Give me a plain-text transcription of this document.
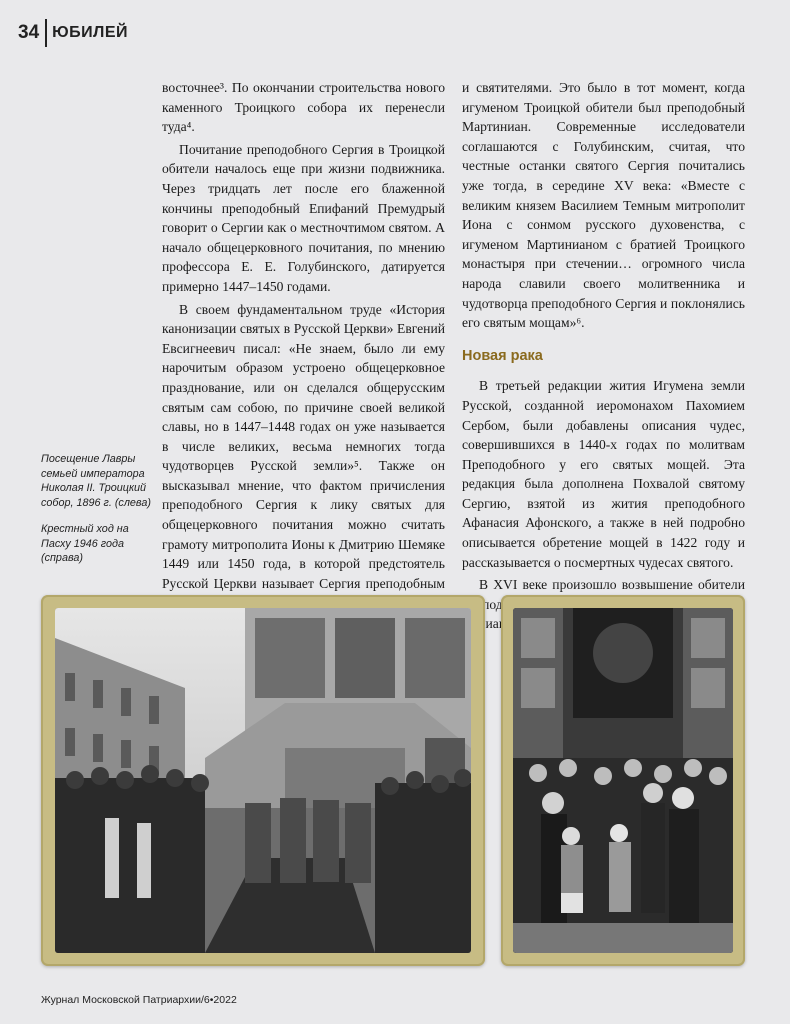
34 ЮБИЛЕЙ

восточнее³. По окончании строительства нового каменного Троицкого собора их перенесли туда⁴.

Почитание преподобного Сергия в Троицкой обители началось еще при жизни подвижника. Через тридцать лет после его блаженной кончины преподобный Епифаний Премудрый говорит о Сергии как о местночтимом святом. А начало общецерковного почитания, по мнению профессора Е. Е. Голубинского, датируется примерно 1447–1450 годами.

В своем фундаментальном труде «История канонизации святых в Русской Церкви» Евгений Евсигнеевич писал: «Не знаем, было ли ему нарочитым образом устроено общецерковное празднование, или он сделался общерусским святым сам собою, по причине своей великой славы, но в 1447–1448 годах он уже называется в числе великих, весьма немногих тогда чудотворцев Русской земли»⁵. Также он высказывал мнение, что фактом причисления преподобного Сергия к лику святых для общецерковного почитания можно считать грамоту митрополита Ионы к Дмитрию Шемяке 1449 или 1450 года, в которой предстоятель Русской Церкви называет Сергия преподобным

и святителями. Это было в тот момент, когда игуменом Троицкой обители был преподобный Мартиниан. Современные исследователи соглашаются с Голубинским, считая, что честные останки святого Сергия почитались уже тогда, в середине XV века: «Вместе с великим князем Василием Темным митрополит Иона с сонмом русского духовенства, с игуменом Мартинианом с братией Троицкого монастыря при стечении… огромного числа народа славили своего молитвенника и чудотворца преподобного Сергия и поклонялись его святым мощам»⁶.

Новая рака

В третьей редакции жития Игумена земли Русской, созданной иеромонахом Пахомием Сербом, были добавлены описания чудес, совершившихся в 1440-х годах по молитвам Преподобного у его святых мощей. Эта редакция была дополнена Похвалой святому Сергию, взятой из жития преподобного Афанасия Афонского, а также в ней подробно описывается обретение мощей в 1422 году и рассказывается о посмертных чудесах святого.

В XVI веке произошло возвышение обители

Посещение Лавры семьей императора Николая II. Троицкий собор, 1896 г. (слева)
Крестный ход на Пасху 1946 года (справа)
Журнал Московской Патриархии/6•2022
